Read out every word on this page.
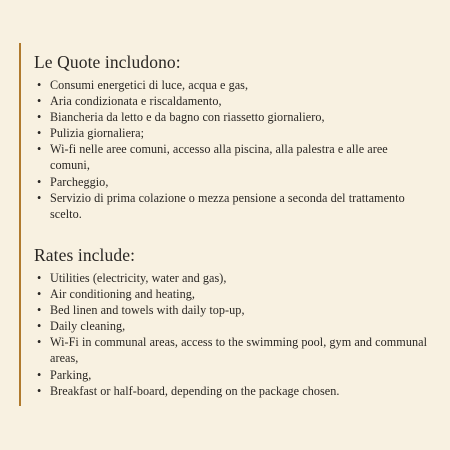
Le Quote includono:
• Consumi energetici di luce, acqua e gas,
• Aria condizionata e riscaldamento,
• Biancheria da letto e da bagno con riassetto giornaliero,
• Pulizia giornaliera;
• Wi-fi nelle aree comuni, accesso alla piscina, alla palestra e alle aree comuni,
• Parcheggio,
• Servizio di prima colazione o mezza pensione a seconda del trattamento scelto.
Rates include:
• Utilities (electricity, water and gas),
• Air conditioning and heating,
• Bed linen and towels with daily top-up,
• Daily cleaning,
• Wi-Fi in communal areas, access to the swimming pool, gym and communal areas,
• Parking,
• Breakfast or half-board, depending on the package chosen.
